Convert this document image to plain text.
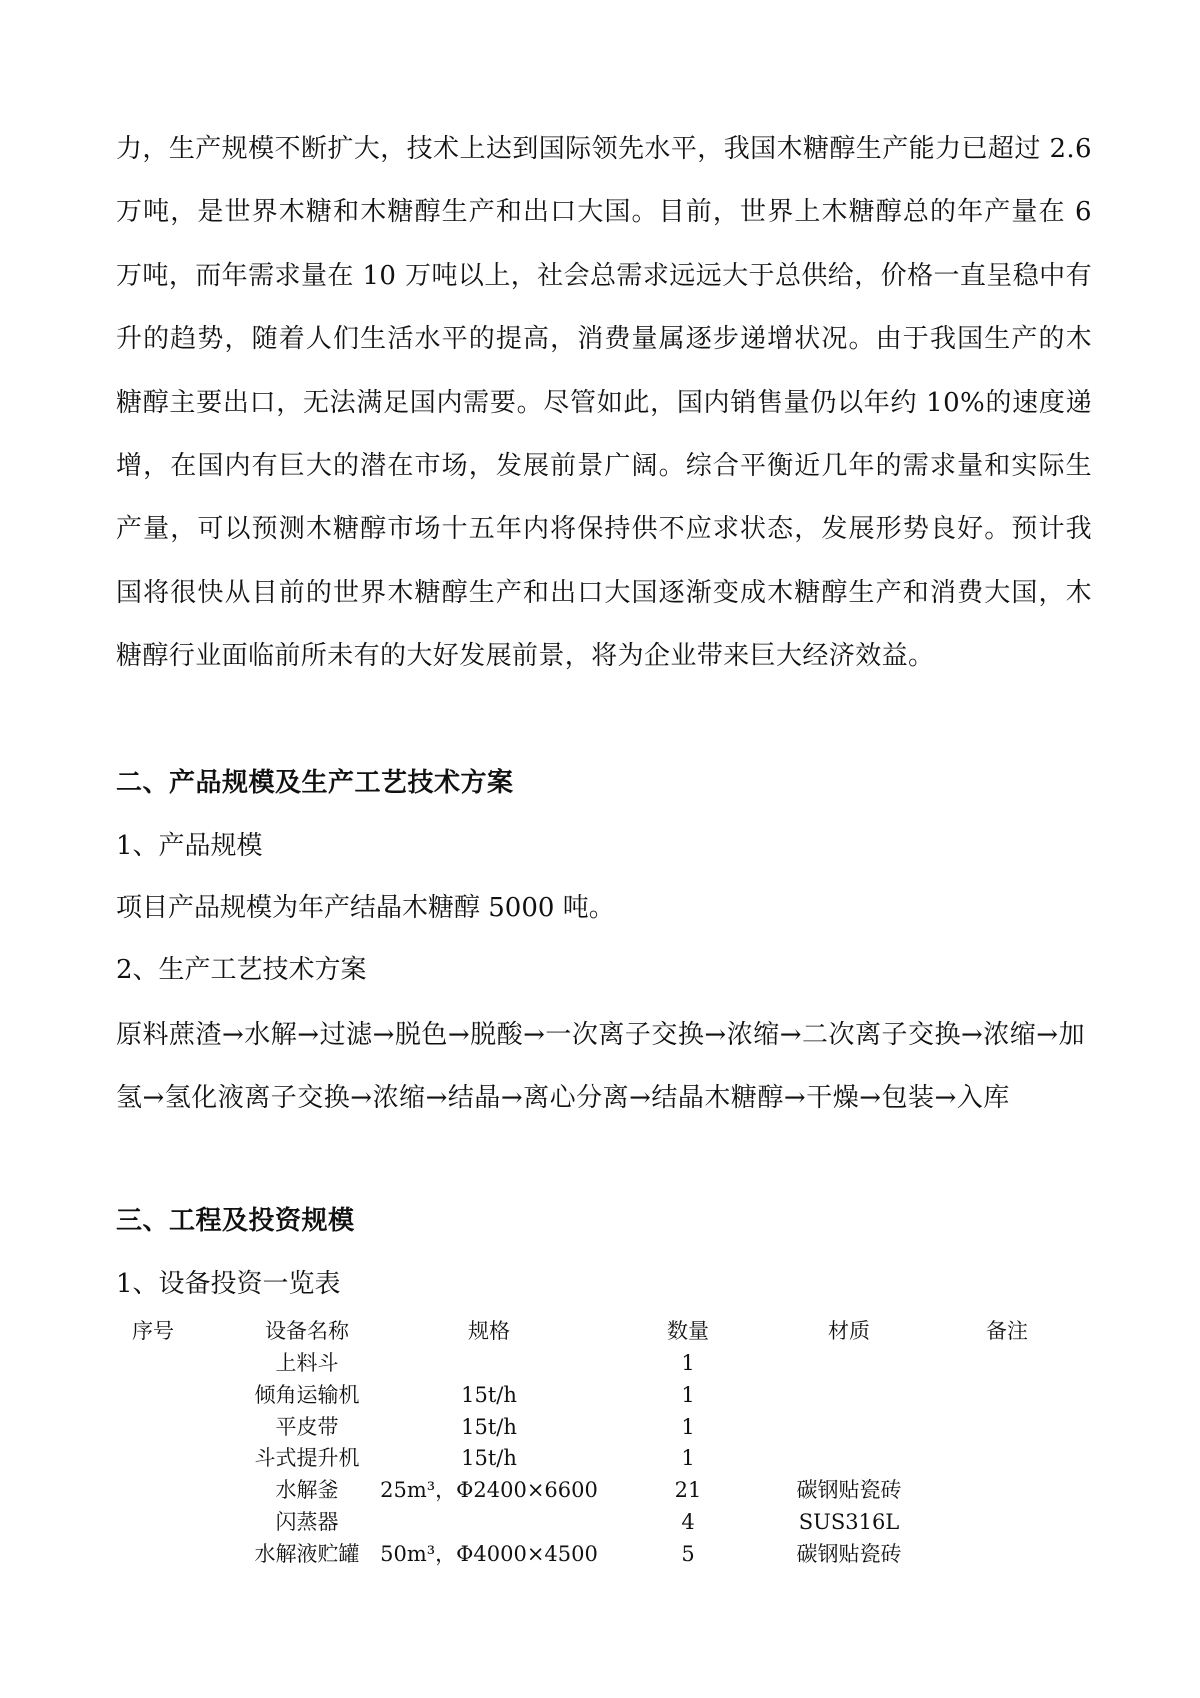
力，生产规模不断扩大，技术上达到国际领先水平，我国木糖醇生产能力已超过 2.6 万吨，是世界木糖和木糖醇生产和出口大国。目前，世界上木糖醇总的年产量在 6 万吨，而年需求量在 10 万吨以上，社会总需求远远大于总供给，价格一直呈稳中有升的趋势，随着人们生活水平的提高，消费量属逐步递增状况。由于我国生产的木糖醇主要出口，无法满足国内需要。尽管如此，国内销售量仍以年约 10%的速度递增，在国内有巨大的潜在市场，发展前景广阔。综合平衡近几年的需求量和实际生产量，可以预测木糖醇市场十五年内将保持供不应求状态，发展形势良好。预计我国将很快从目前的世界木糖醇生产和出口大国逐渐变成木糖醇生产和消费大国，木糖醇行业面临前所未有的大好发展前景，将为企业带来巨大经济效益。

二、产品规模及生产工艺技术方案

1、产品规模

项目产品规模为年产结晶木糖醇 5000 吨。

2、生产工艺技术方案

原料蔗渣→水解→过滤→脱色→脱酸→一次离子交换→浓缩→二次离子交换→浓缩→加氢→氢化液离子交换→浓缩→结晶→离心分离→结晶木糖醇→干燥→包装→入库

三、工程及投资规模

1、设备投资一览表

序号	设备名称	规格	数量	材质	备注
	上料斗		1		
	倾角运输机	15t/h	1		
	平皮带	15t/h	1		
	斗式提升机	15t/h	1		
	水解釜	25m³，Φ2400×6600	21	碳钢贴瓷砖	
	闪蒸器		4	SUS316L	
	水解液贮罐	50m³，Φ4000×4500	5	碳钢贴瓷砖	
